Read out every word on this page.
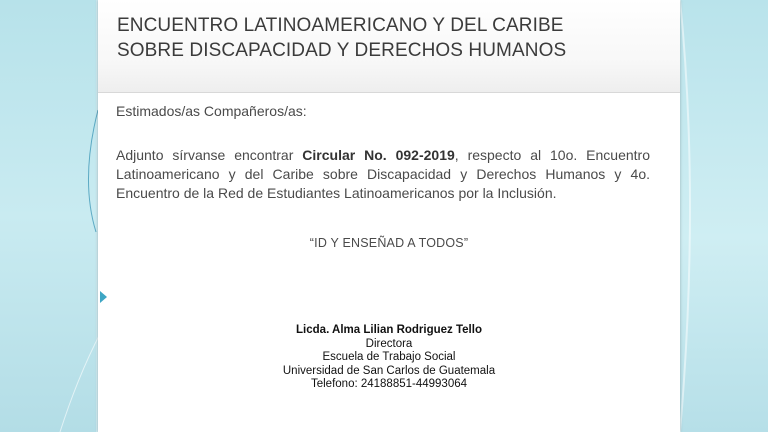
ENCUENTRO LATINOAMERICANO Y DEL CARIBE
SOBRE DISCAPACIDAD Y DERECHOS HUMANOS
Estimados/as Compañeros/as:
Adjunto sírvanse encontrar Circular No. 092-2019, respecto al 10o. Encuentro Latinoamericano y del Caribe sobre Discapacidad y Derechos Humanos y 4o. Encuentro de la Red de Estudiantes Latinoamericanos por la Inclusión.
“ID Y ENSEÑAD A TODOS”
Licda. Alma Lilian Rodriguez Tello
Directora
Escuela de Trabajo Social
Universidad de San Carlos de Guatemala
Telefono: 24188851-44993064
